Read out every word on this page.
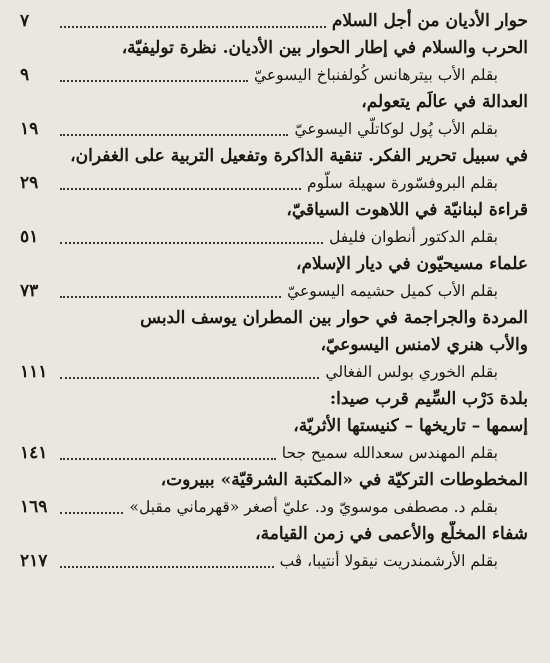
حوار الأديان من أجل السلام
٧
الحرب والسلام في إطار الحوار بين الأديان. نظرة توليفيّة،
بقلم الأب بيترهانس كُولفنباخ اليسوعيّ
٩
العدالة في عالَم يتعولم،
بقلم الأب پُول لوكاتلّي اليسوعيّ
١٩
في سبيل تحرير الفكر. تنقية الذاكرة وتفعيل التربية على الغفران،
بقلم البروفسّورة سهيلة سلّوم
٢٩
قراءة لبنانيّة في اللاهوت السياقيّ،
بقلم الدكتور أنطوان فليفل
٥١
علماء مسيحيّون في ديار الإسلام،
بقلم الأب كميل حشيمه اليسوعيّ
٧٣
المردة والجراجمة في حوار بين المطران يوسف الدبس
والأب هنري لامنس اليسوعيّ،
بقلم الخوري بولس الفغالي
١١١
بلدة دَرْب السِّيم قرب صيدا:
إسمها – تاريخها – كنيستها الأثريّة،
بقلم المهندس سعدالله سميح جحا
١٤١
المخطوطات التركيّة في «المكتبة الشرقيّة» ببيروت،
بقلم د. مصطفى موسويّ ود. عليّ أصغر «قهرماني مقبل»
١٦٩
شفاء المخلَّع والأعمى في زمن القيامة،
بقلم الأرشمندريت نيقولا أنتيبا، ڤب
٢١٧
